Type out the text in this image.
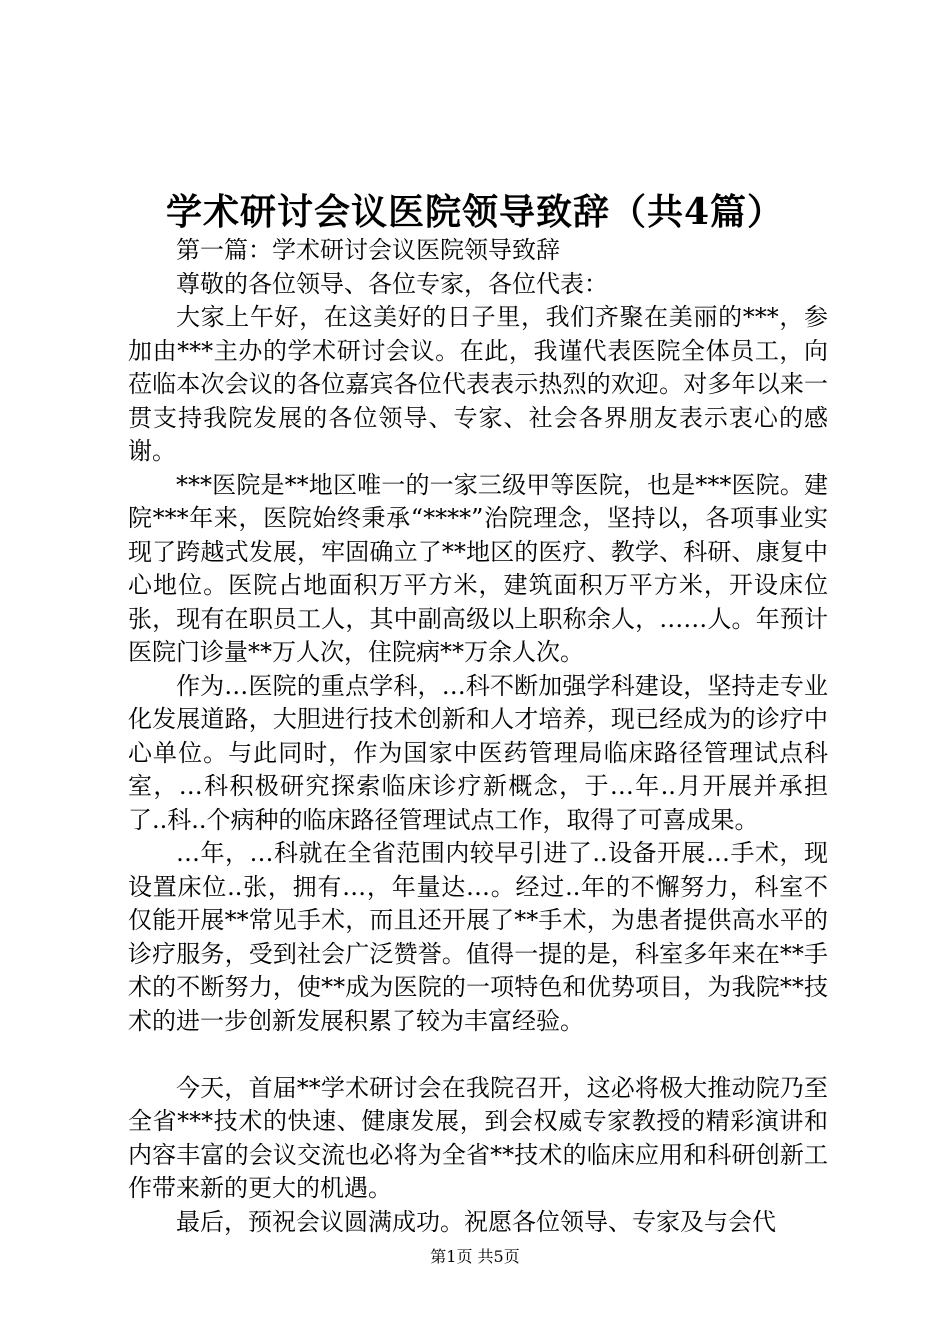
学术研讨会议医院领导致辞（共4篇）

第一篇：学术研讨会议医院领导致辞

尊敬的各位领导、各位专家，各位代表：

大家上午好，在这美好的日子里，我们齐聚在美丽的***，参加由***主办的学术研讨会议。在此，我谨代表医院全体员工，向莅临本次会议的各位嘉宾各位代表表示热烈的欢迎。对多年以来一贯支持我院发展的各位领导、专家、社会各界朋友表示衷心的感谢。

***医院是**地区唯一的一家三级甲等医院，也是***医院。建院***年来，医院始终秉承“****”治院理念，坚持以，各项事业实现了跨越式发展，牢固确立了**地区的医疗、教学、科研、康复中心地位。医院占地面积万平方米，建筑面积万平方米，开设床位张，现有在职员工人，其中副高级以上职称余人，……人。年预计医院门诊量**万人次，住院病**万余人次。

作为…医院的重点学科，…科不断加强学科建设，坚持走专业化发展道路，大胆进行技术创新和人才培养，现已经成为的诊疗中心单位。与此同时，作为国家中医药管理局临床路径管理试点科室，…科积极研究探索临床诊疗新概念，于…年..月开展并承担了..科..个病种的临床路径管理试点工作，取得了可喜成果。

…年，…科就在全省范围内较早引进了..设备开展…手术，现设置床位..张，拥有…，年量达…。经过..年的不懈努力，科室不仅能开展**常见手术，而且还开展了**手术，为患者提供高水平的诊疗服务，受到社会广泛赞誉。值得一提的是，科室多年来在**手术的不断努力，使**成为医院的一项特色和优势项目，为我院**技术的进一步创新发展积累了较为丰富经验。

今天，首届**学术研讨会在我院召开，这必将极大推动院乃至全省***技术的快速、健康发展，到会权威专家教授的精彩演讲和内容丰富的会议交流也必将为全省**技术的临床应用和科研创新工作带来新的更大的机遇。

最后，预祝会议圆满成功。祝愿各位领导、专家及与会代

第1页 共5页
